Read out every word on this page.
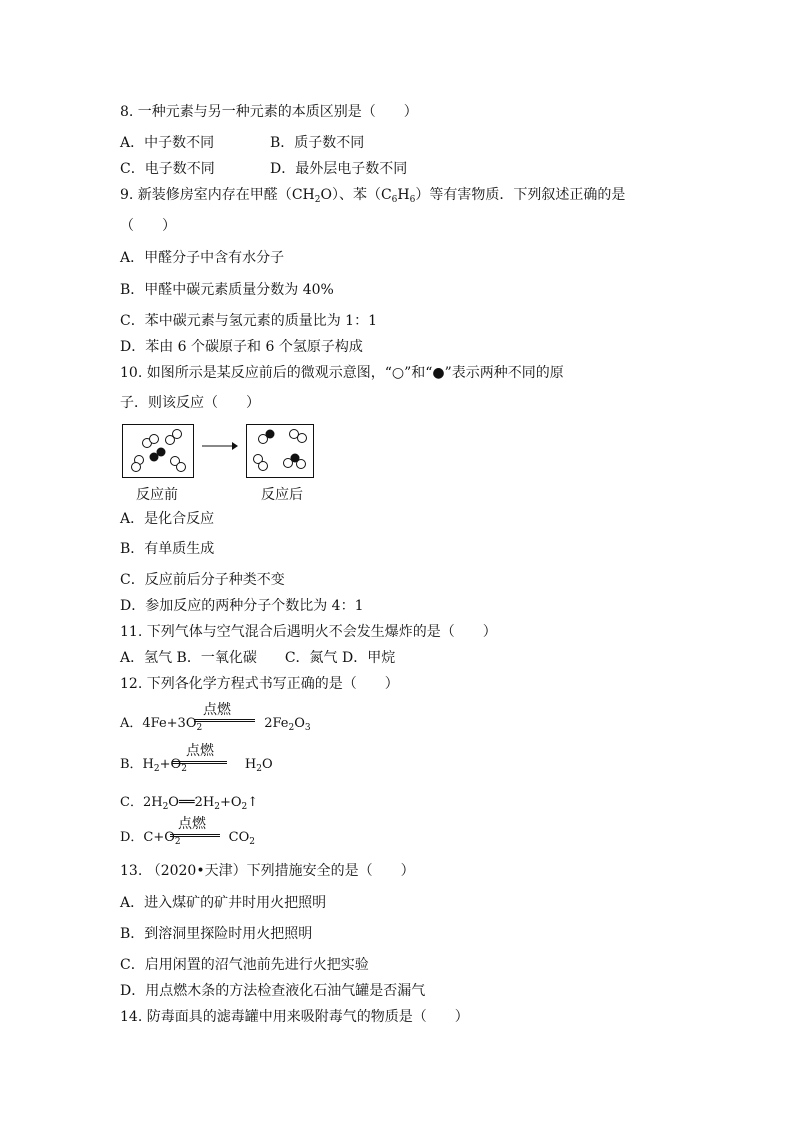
8. 一种元素与另一种元素的本质区别是（　　）
A．中子数不同	B．质子数不同
C．电子数不同	D．最外层电子数不同
9. 新装修房室内存在甲醛$(CH_2O)$、苯$(C_6H_6)$等有害物质．下列叙述正确的是
（　　）
A．甲醛分子中含有水分子
B．甲醛中碳元素质量分数为 40%
C．苯中碳元素与氢元素的质量比为 1：1
D．苯由 6 个碳原子和 6 个氢原子构成
10. 如图所示是某反应前后的微观示意图，“○”和“●”表示两种不同的原
子．则该反应（　　）
反应前	反应后
A．是化合反应
B．有单质生成
C．反应前后分子种类不变
D．参加反应的两种分子个数比为 4：1
11. 下列气体与空气混合后遇明火不会发生爆炸的是（　　）
A．氢气 B．一氧化碳　　C．氮气 D．甲烷
12. 下列各化学方程式书写正确的是（　　）
点燃
A．$4Fe+3O_2$	$2Fe_2O_3$
点燃
B．$H_2+O_2$	$H_2O$
C．$2H_2O══2H_2+O_2↑$
点燃
D．$C+O_2$	$CO_2$
13. （2020•天津）下列措施安全的是（　　）
A．进入煤矿的矿井时用火把照明
B．到溶洞里探险时用火把照明
C．启用闲置的沼气池前先进行火把实验
D．用点燃木条的方法检查液化石油气罐是否漏气
14. 防毒面具的滤毒罐中用来吸附毒气的物质是（　　）
